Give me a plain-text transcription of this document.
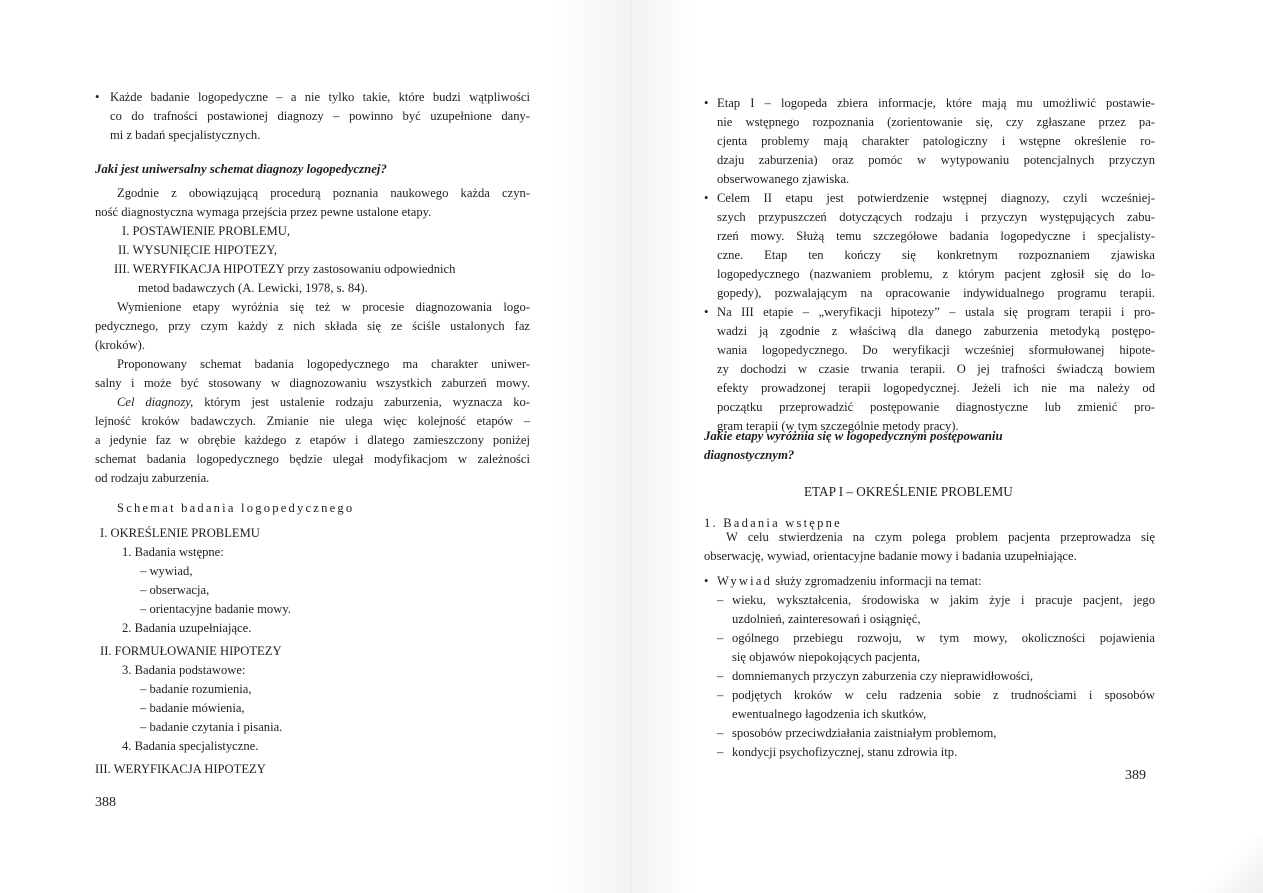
• Każde badanie logopedyczne – a nie tylko takie, które budzi wątpliwości
co do trafności postawionej diagnozy – powinno być uzupełnione dany-
mi z badań specjalistycznych.
Jaki jest uniwersalny schemat diagnozy logopedycznej?
Zgodnie z obowiązującą procedurą poznania naukowego każda czyn-
ność diagnostyczna wymaga przejścia przez pewne ustalone etapy.
I. POSTAWIENIE PROBLEMU,
II. WYSUNIĘCIE HIPOTEZY,
III. WERYFIKACJA HIPOTEZY przy zastosowaniu odpowiednich
metod badawczych (A. Lewicki, 1978, s. 84).
Wymienione etapy wyróżnia się też w procesie diagnozowania logo-
pedycznego, przy czym każdy z nich składa się ze ściśle ustalonych faz
(kroków).
Proponowany schemat badania logopedycznego ma charakter uniwer-
salny i może być stosowany w diagnozowaniu wszystkich zaburzeń mowy.
Cel diagnozy, którym jest ustalenie rodzaju zaburzenia, wyznacza ko-
lejność kroków badawczych. Zmianie nie ulega więc kolejność etapów –
a jedynie faz w obrębie każdego z etapów i dlatego zamieszczony poniżej
schemat badania logopedycznego będzie ulegał modyfikacjom w zależności
od rodzaju zaburzenia.
Schemat badania logopedycznego
I. OKREŚLENIE PROBLEMU
1. Badania wstępne:
– wywiad,
– obserwacja,
– orientacyjne badanie mowy.
2. Badania uzupełniające.
II. FORMUŁOWANIE HIPOTEZY
3. Badania podstawowe:
– badanie rozumienia,
– badanie mówienia,
– badanie czytania i pisania.
4. Badania specjalistyczne.
III. WERYFIKACJA HIPOTEZY
388
• Etap I – logopeda zbiera informacje, które mają mu umożliwić postawie-
nie wstępnego rozpoznania (zorientowanie się, czy zgłaszane przez pa-
cjenta problemy mają charakter patologiczny i wstępne określenie ro-
dzaju zaburzenia) oraz pomóc w wytypowaniu potencjalnych przyczyn
obserwowanego zjawiska.
• Celem II etapu jest potwierdzenie wstępnej diagnozy, czyli wcześniej-
szych przypuszczeń dotyczących rodzaju i przyczyn występujących zabu-
rzeń mowy. Służą temu szczegółowe badania logopedyczne i specjalisty-
czne. Etap ten kończy się konkretnym rozpoznaniem zjawiska
logopedycznego (nazwaniem problemu, z którym pacjent zgłosił się do lo-
gopedy), pozwalającym na opracowanie indywidualnego programu terapii.
• Na III etapie – „weryfikacji hipotezy” – ustala się program terapii i pro-
wadzi ją zgodnie z właściwą dla danego zaburzenia metodyką postępo-
wania logopedycznego. Do weryfikacji wcześniej sformułowanej hipote-
zy dochodzi w czasie trwania terapii. O jej trafności świadczą bowiem
efekty prowadzonej terapii logopedycznej. Jeżeli ich nie ma należy od
początku przeprowadzić postępowanie diagnostyczne lub zmienić pro-
gram terapii (w tym szczególnie metody pracy).
Jakie etapy wyróżnia się w logopedycznym postępowaniu
diagnostycznym?
ETAP I – OKREŚLENIE PROBLEMU
1. Badania wstępne
W celu stwierdzenia na czym polega problem pacjenta przeprowadza się
obserwację, wywiad, orientacyjne badanie mowy i badania uzupełniające.
• Wywiad służy zgromadzeniu informacji na temat:
– wieku, wykształcenia, środowiska w jakim żyje i pracuje pacjent, jego
uzdolnień, zainteresowań i osiągnięć,
– ogólnego przebiegu rozwoju, w tym mowy, okoliczności pojawienia
się objawów niepokojących pacjenta,
– domniemanych przyczyn zaburzenia czy nieprawidłowości,
– podjętych kroków w celu radzenia sobie z trudnościami i sposobów
ewentualnego łagodzenia ich skutków,
– sposobów przeciwdziałania zaistniałym problemom,
– kondycji psychofizycznej, stanu zdrowia itp.
389
